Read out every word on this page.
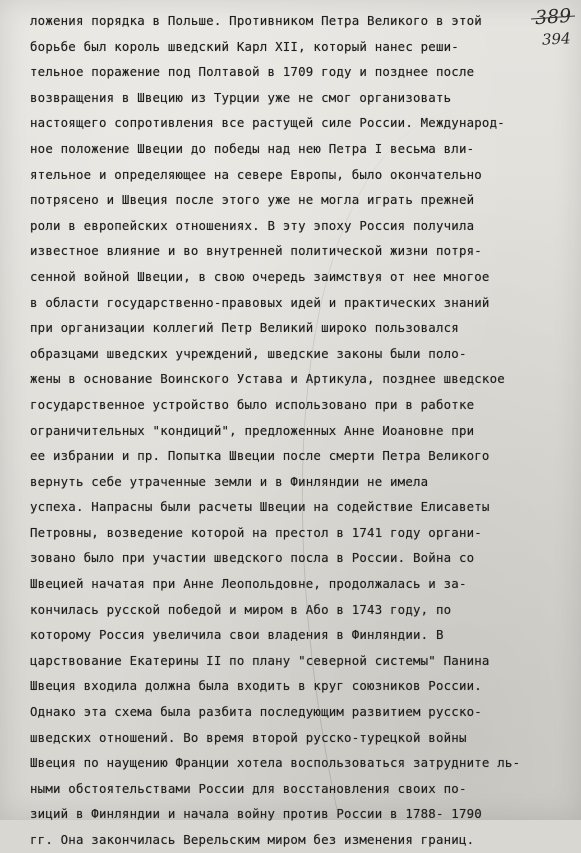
389
394
ложения порядка в Польше. Противником Петра Великого в этой
борьбе был король шведский Карл XII, который нанес реши-
тельное поражение под Полтавой в 1709 году и позднее после
возвращения в Швецию из Турции уже не смог организовать
настоящего сопротивления все растущей силе России. Международ-
ное положение Швеции до победы над нею Петра I весьма вли-
ятельное и определяющее на севере Европы, было окончательно
потрясено и Швеция после этого уже не могла играть прежней
роли в европейских отношениях. В эту эпоху Россия получила
известное влияние и во внутренней политической жизни потря-
сенной войной Швеции, в свою очередь заимствуя от нее многое
в области государственно-правовых идей и практических знаний
при организации коллегий Петр Великий широко пользовался
образцами шведских учреждений, шведские законы были поло-
жены в основание Воинского Устава и Артикула, позднее шведское
государственное устройство было использовано при в работке
ограничительных "кондиций", предложенных Анне Иоановне при
ее избрании и пр. Попытка Швеции после смерти Петра Великого
вернуть себе утраченные земли и в Финляндии не имела
успеха. Напрасны были расчеты Швеции на содействие Елисаветы
Петровны, возведение которой на престол в 1741 году органи-
зовано было при участии шведского посла в России. Война со
Швецией начатая при Анне Леопольдовне, продолжалась и за-
кончилась русской победой и миром в Або в 1743 году, по
которому Россия увеличила свои владения в Финляндии. В
царствование Екатерины II по плану "северной системы" Панина
Швеция входила должна была входить в круг союзников России.
Однако эта схема была разбита последующим развитием русско-
шведских отношений. Во время второй русско-турецкой войны
Швеция по наущению Франции хотела воспользоваться затрудните ль-
ными обстоятельствами России для восстановления своих по-
зиций в Финляндии и начала войну против России в 1788- 1790
гг. Она закончилась Верельским миром без изменения границ.
